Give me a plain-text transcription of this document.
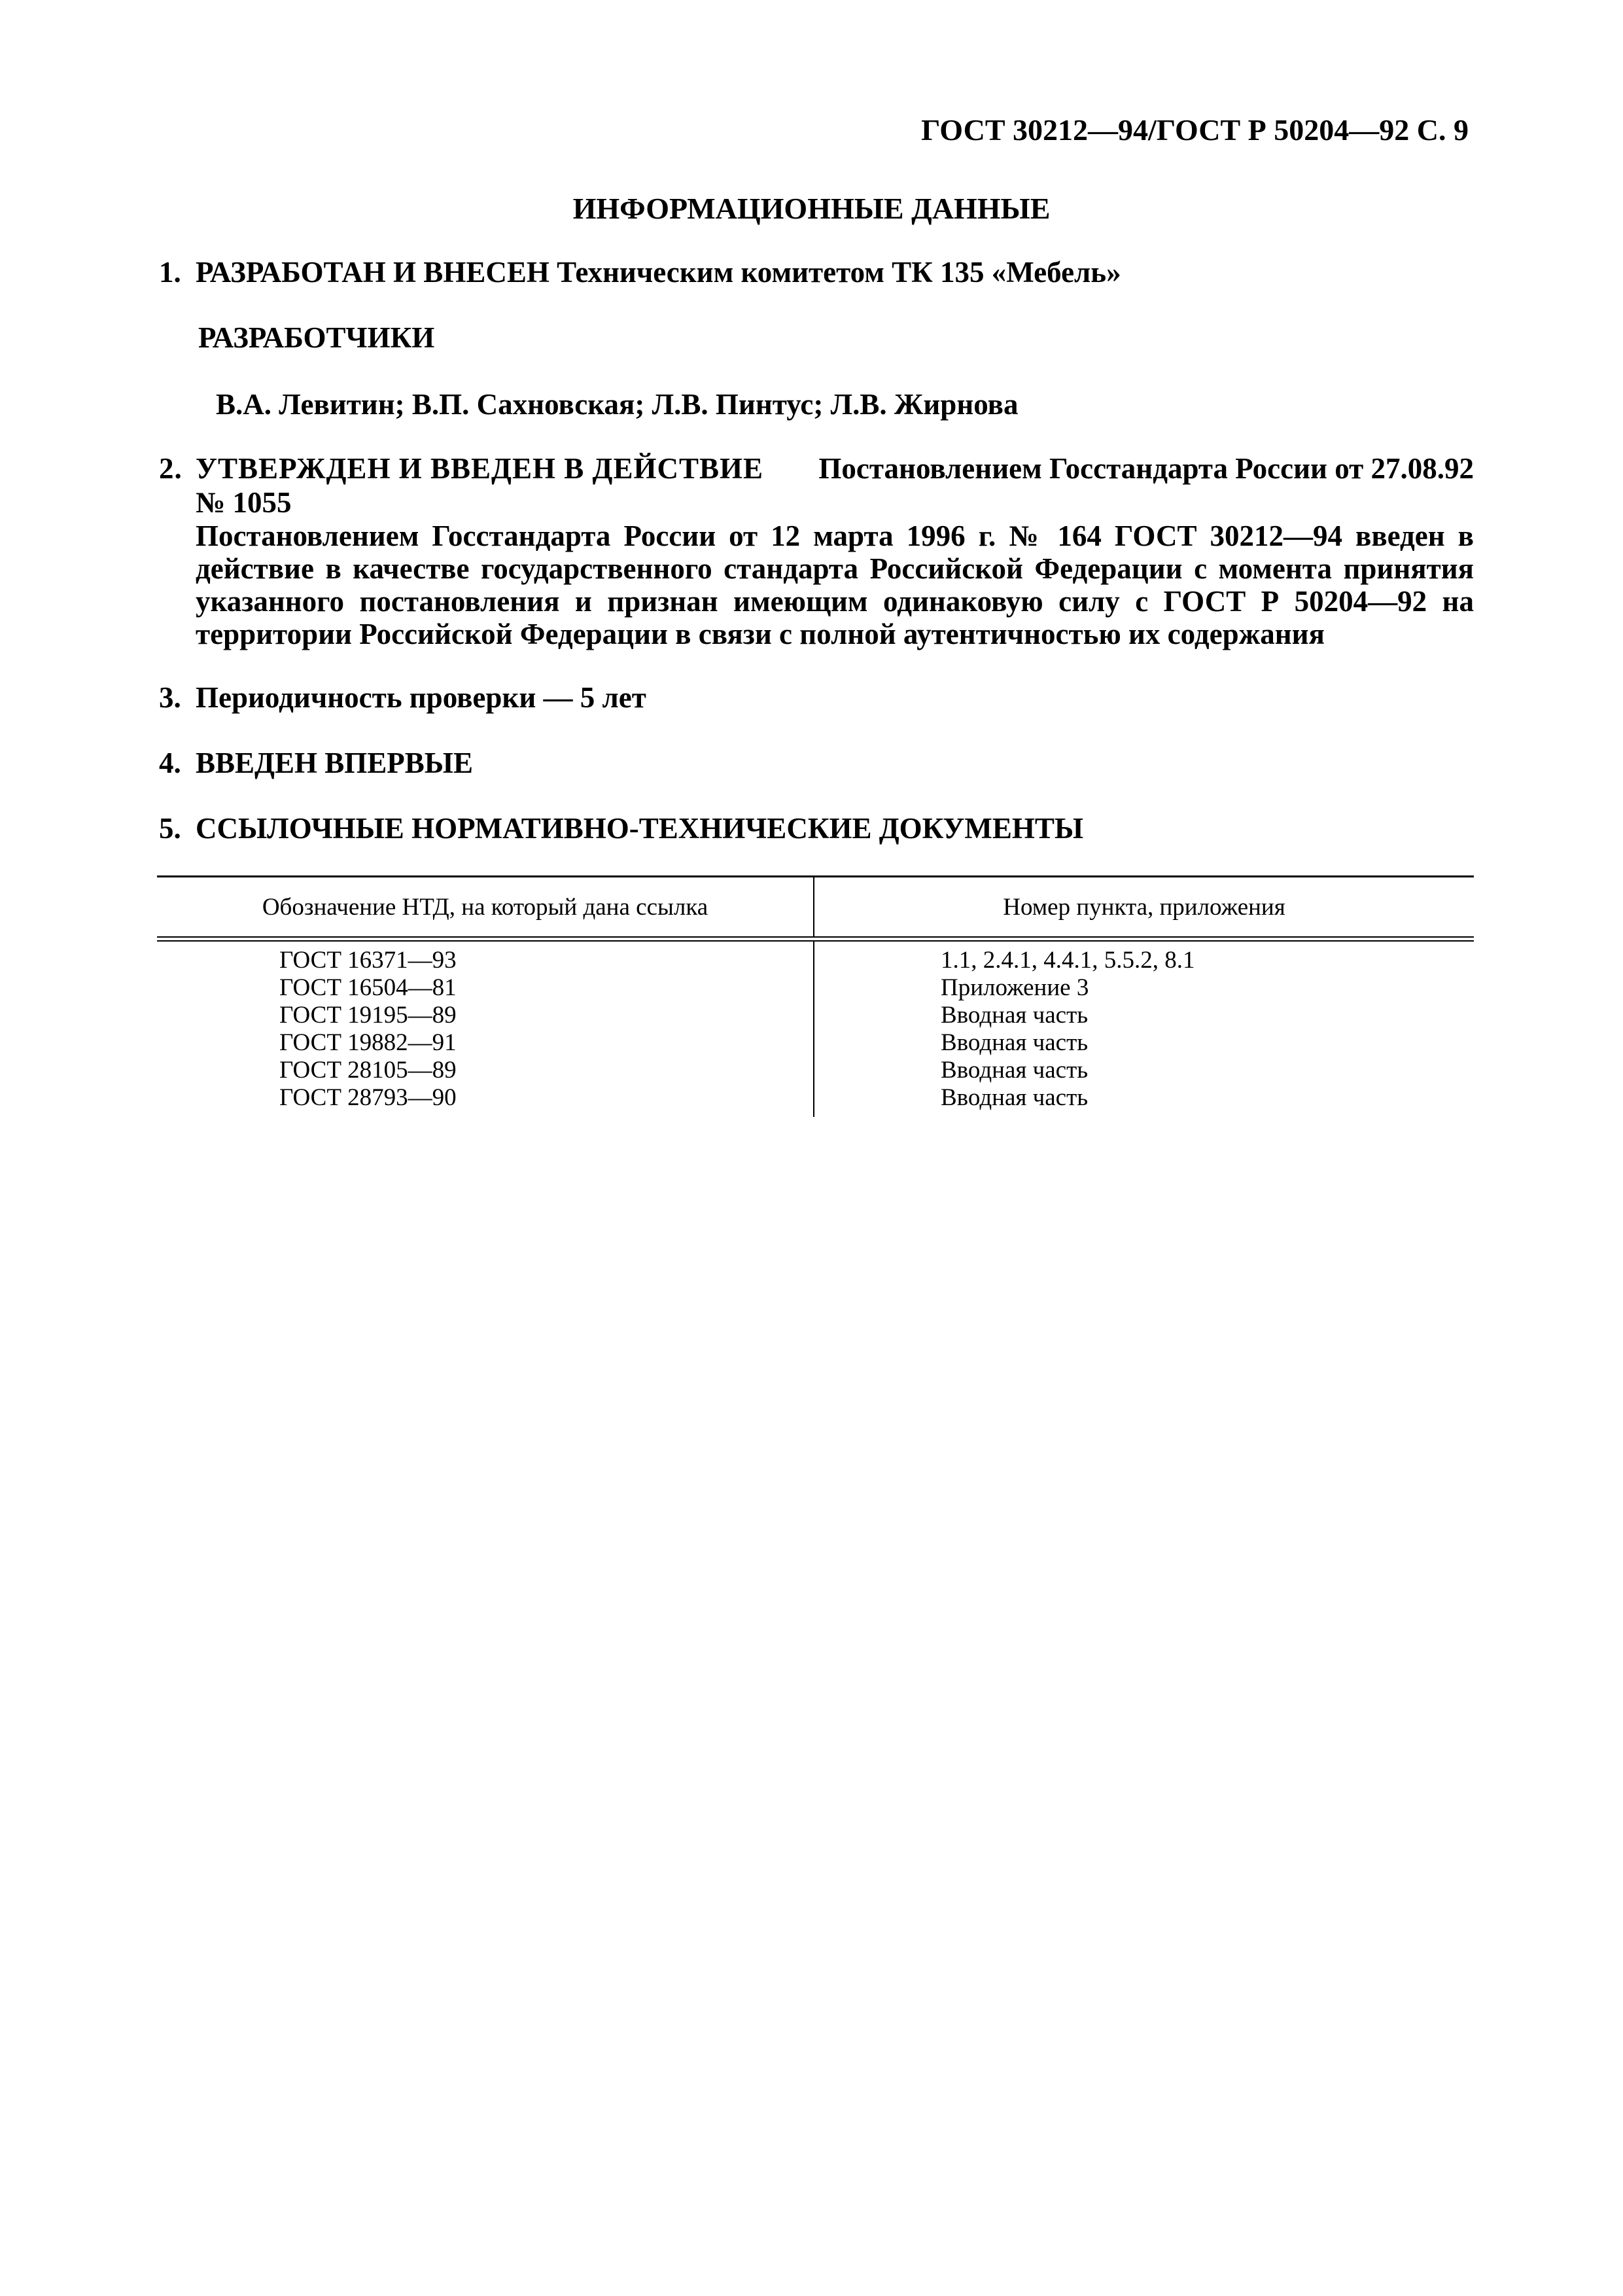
ГОСТ 30212—94/ГОСТ Р 50204—92 С. 9
ИНФОРМАЦИОННЫЕ ДАННЫЕ
1. РАЗРАБОТАН И ВНЕСЕН Техническим комитетом ТК 135 «Мебель»
РАЗРАБОТЧИКИ
В.А. Левитин; В.П. Сахновская; Л.В. Пинтус; Л.В. Жирнова
2. УТВЕРЖДЕН И ВВЕДЕН В ДЕЙСТВИЕ Постановлением Госстандарта России от 27.08.92
№ 1055
Постановлением Госстандарта России от 12 марта 1996 г. № 164 ГОСТ 30212—94 введен в действие в качестве государственного стандарта Российской Федерации с момента принятия указанного постановления и признан имеющим одинаковую силу с ГОСТ Р 50204—92 на территории Российской Федерации в связи с полной аутентичностью их содержания
3. Периодичность проверки — 5 лет
4. ВВЕДЕН ВПЕРВЫЕ
5. ССЫЛОЧНЫЕ НОРМАТИВНО-ТЕХНИЧЕСКИЕ ДОКУМЕНТЫ
Обозначение НТД, на который дана ссылка	Номер пункта, приложения
ГОСТ 16371—93
ГОСТ 16504—81
ГОСТ 19195—89
ГОСТ 19882—91
ГОСТ 28105—89
ГОСТ 28793—90
1.1, 2.4.1, 4.4.1, 5.5.2, 8.1
Приложение 3
Вводная часть
Вводная часть
Вводная часть
Вводная часть
